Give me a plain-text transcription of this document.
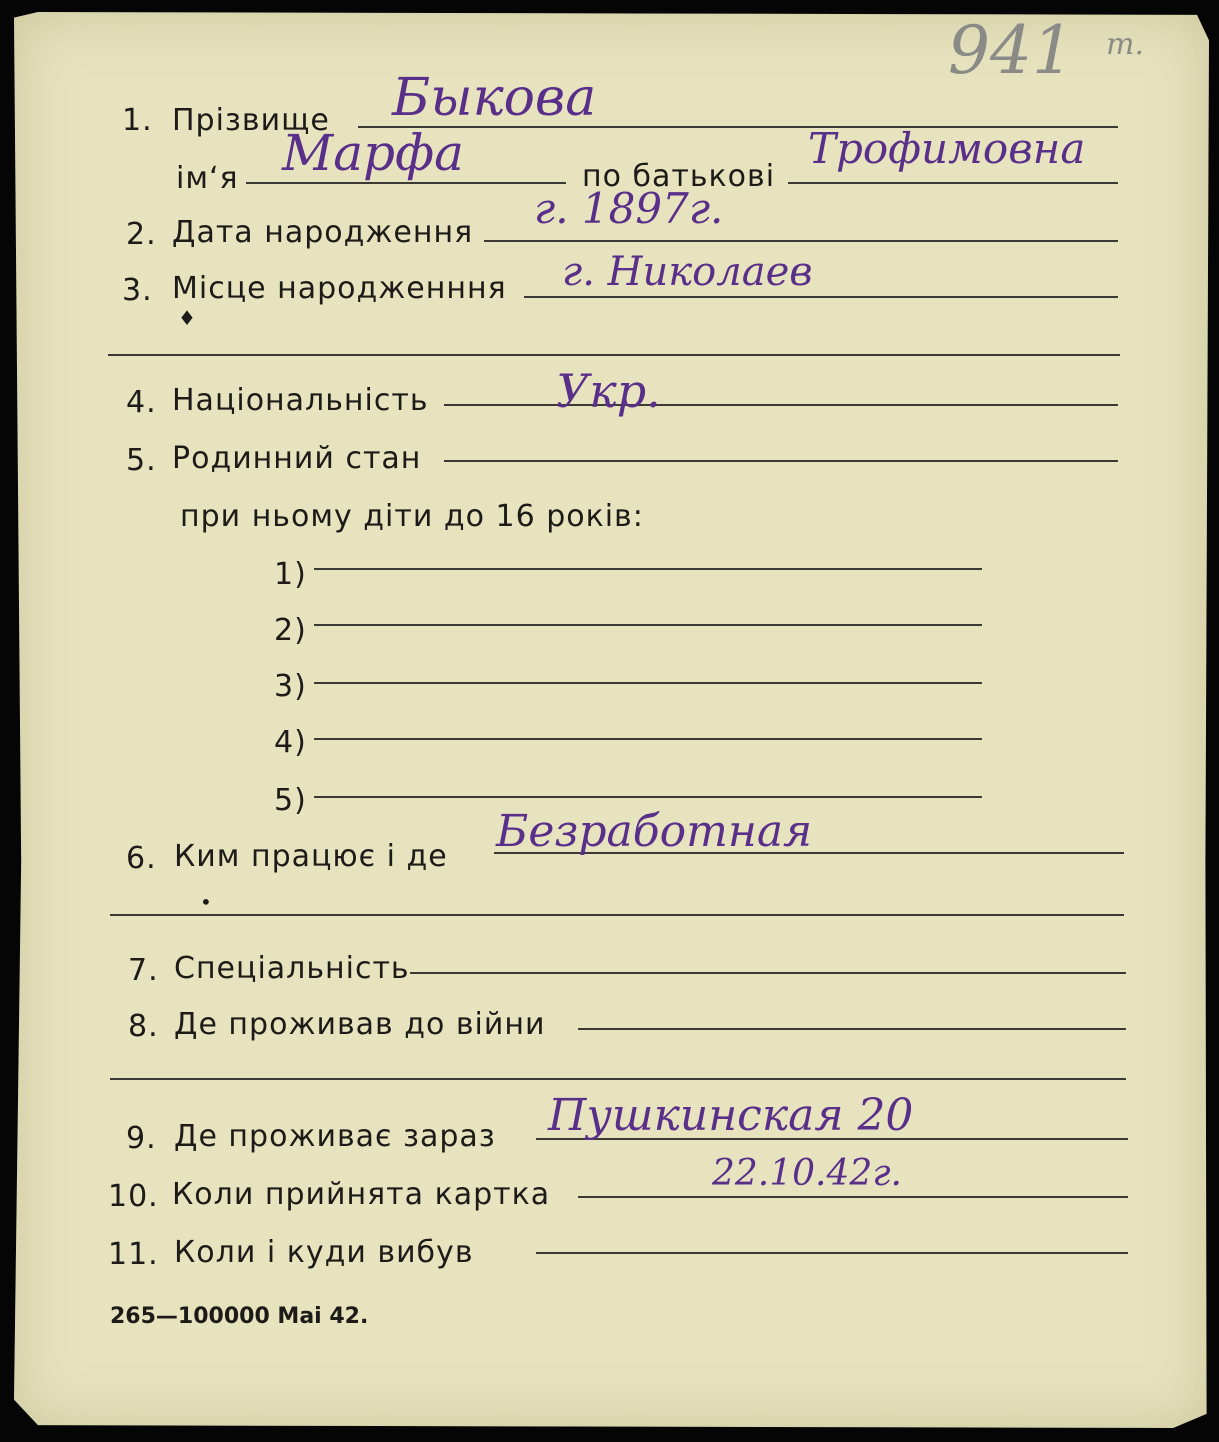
941 т.
1. Прізвище Быкова
ім‘я Марфа	по батькові
Трофимовна
2. Дата народження г. 1897г.
3. Місце народженння г. Николаев
♦
4. Національність	Укр.
5. Родинний стан
при ньому діти до 16 років:
1)
2)
3)
4)
5)
6. Ким працює і де Безработная
•
7. Спеціальність
8. Де проживав до війни
9. Де проживає зараз Пушкинская 20
10. Коли прийнята картка
22.10.42г.
11. Коли і куди вибув
265—100000 Mai 42.
